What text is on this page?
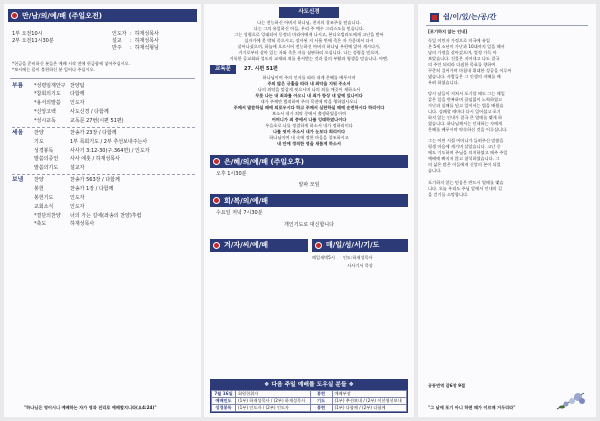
만/남/의/예/배 (주일오전)
1부 오전10시
2부 오전11시30분
인도자 : 하재성목사
설교	: 하재성목사
반주	: 하재석형님
*헌금을 준비하신 분들은 예배 시작 전에 헌금함에 넣어주십시오.
*보시에는 몸이 불편하신 분 일어나 주십시오.
부름	*성령임재안구 찬양팀
*참회의기도	다함께
*용서의말씀	인도자
*신앙고백	사도신경 / 다함께
*성시교독	교독문 27번(시편 51편)
세움	찬양	찬송가 23장 / 다함께
기도	1부 목회기도 / 2부 추선보내주는사
성경봉독	사사기 3:12-30(구.364면) / 인도자
말씀의증언	사사 에훗 / 하재성목사
말씀의기도	설교자
보냄	찬양	찬송가 563장 / 다함께
봉헌	찬송가 1장 / 다함께
봉헌기도	인도자
교회소식	인도자
*결단의찬양	너의 가는 길에(좌송의 찬양)후렴
*축도	하재성목사
"하나님은 영이시니 예배하는 자가 영과 진리로 예배할지니라(요4:24)"
사도신경
나는 전능하신 아버지 하나님, 천지의 창조주를 믿습니다.
나는 그의 유일하신 아들, 우리 주 예수 그리스도를 믿습니다.
그는 성령으로 잉태되어 동정녀 마리아에게 나시고, 본디오빌라도에게 고난을 받아
십자가에 못 박혀 죽으시고, 장사된 지 사흘 만에 죽은 자 가운데서 다시
살아나셨으며, 하늘에 오르시어 전능하신 아버지 하나님 우편에 앉아 계시다가,
거기로부터 살아 있는 자와 죽은 자를 심판하러 오십니다. 나는 성령을 믿으며,
거룩한 공교회와 성도의 교제와 죄를 용서받는 것과 몸의 부활과 영생을 믿습니다. 아멘.
교독문	27. 시편 51편
하나님이여 주의 인자를 따라 내게 은혜를 베푸시며
주의 많은 긍휼을 따라 내 죄악을 지워 주소서
나의 죄악을 말갛게 씻으시며 나의 죄를 깨끗이 제하소서
무릇 나는 내 죄과를 아오니 내 죄가 항상 내 앞에 있나이다
내가 주께만 범죄하여 주의 목전에 악을 행하였사오니
주께서 말씀하실 때에 의로우시다 하고 주께서 심판하실 때에 순전하시다 하리이다
보소서 내가 죄악 중에서 출생하였음이여
어머니가 죄 중에서 나를 잉태하였나이다
우슬초로 나를 정결하게 하소서 내가 정하리이다
나를 씻어 주소서 내가 눈보다 희리이다
하나님이여 내 속에 정한 마음을 창조하시고
내 안에 정직한 영을 새롭게 하소서
은/혜/의/예/배 (주일오후)
오후 1시30분
알파 모임
회/복/의/예/배
수요일 저녁 7시30분
개인기도로 대신합니다
겨/자/씨/예/배	매/일/성/서/기/도
매일새벽5시 인도:하재성목사
사사기서 묵상
❖ 다음 주일 예배를 도우실 분들 ❖
7월 16일	회원헌위자	봉헌	예배부장
예배인도	(1부) 하재성목사 / (2부) 하재성목사	기도	(1부) 추선보내 / (2부) 이선영선보내
성경봉독	(1부) 인도자 / (2부) 인도자	봉헌	(1부) 다함께 / (2부) 다함께
쉼/이/있/는/공/간
[포기하지 않는 인내]
독일 이민자 가정으로 미국에 유입
온 5세 소년이 가난과 10대까지 일을 해서
남의 가정을 살아갔으며, 열정 가득 아
보았습니다. 건물은 지어내고 나도 결국
의 주인 되리라 다짐한 목표를 향하여
꾸준히 걸어가며 마침내 위대한 성공을 이루어
냈습니다. 사람들은 그 인생의 지혜를 배
우려 하였습니다.
당시 남들이 지쳐서 포기할 때도 그는 매일
같은 일을 반복하며 끊임없이 노력하였고
가난과 실패를 딛고 일어서는 법을 배웠습
니다. 실패할 때마다 다시 일어섰고 포기
하지 않는 인내가 결국 큰 열매를 맺게 하
였습니다. 하나님께서는 인내하는 자에게
은혜를 베푸시며 약속하신 것을 이루십니다.
그는 어린 시절 어머니가 들려주신 말씀을
평생 마음에 새기며 살았습니다. 고난 중
에도 기도하며 주님을 의지하였고 매주 주일
예배에 빠지지 않고 참석하였습니다. 그
의 삶은 많은 이들에게 신앙의 본이 되었
습니다.
포기하지 않는 믿음은 반드시 열매를 맺습
니다. 오늘 우리도 주님 앞에서 인내의 길
을 걷기를 소망합니다.
공동번역 갈6장 9절
"그 날에 포기 아니 하면 때가 이르매 거두리라"
